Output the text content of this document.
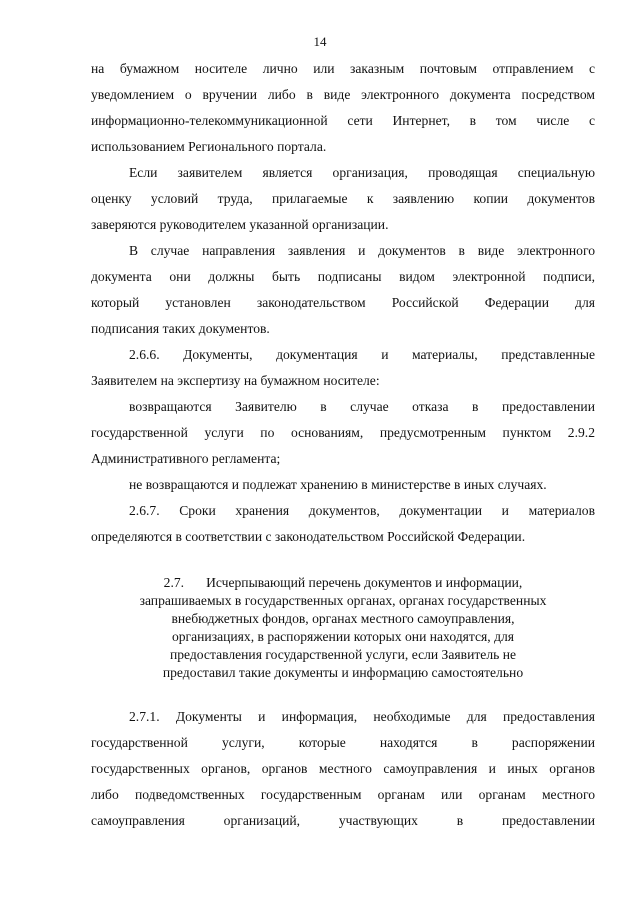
14

на бумажном носителе лично или заказным почтовым отправлением с

уведомлением о вручении либо в виде электронного документа посредством

информационно-телекоммуникационной сети Интернет, в том числе с

использованием Регионального портала.

Если заявителем является организация, проводящая специальную

оценку условий труда, прилагаемые к заявлению копии документов

заверяются руководителем указанной организации.

В случае направления заявления и документов в виде электронного

документа они должны быть подписаны видом электронной подписи,

который установлен законодательством Российской Федерации для

подписания таких документов.

2.6.6. Документы, документация и материалы, представленные

Заявителем на экспертизу на бумажном носителе:

возвращаются Заявителю в случае отказа в предоставлении

государственной услуги по основаниям, предусмотренным пунктом 2.9.2

Административного регламента;

не возвращаются и подлежат хранению в министерстве в иных случаях.

2.6.7. Сроки хранения документов, документации и материалов

определяются в соответствии с законодательством Российской Федерации.

2.7. Исчерпывающий перечень документов и информации,
запрашиваемых в государственных органах, органах государственных
внебюджетных фондов, органах местного самоуправления,
организациях, в распоряжении которых они находятся, для
предоставления государственной услуги, если Заявитель не
предоставил такие документы и информацию самостоятельно

2.7.1. Документы и информация, необходимые для предоставления

государственной услуги, которые находятся в распоряжении

государственных органов, органов местного самоуправления и иных органов

либо подведомственных государственным органам или органам местного

самоуправления организаций, участвующих в предоставлении
